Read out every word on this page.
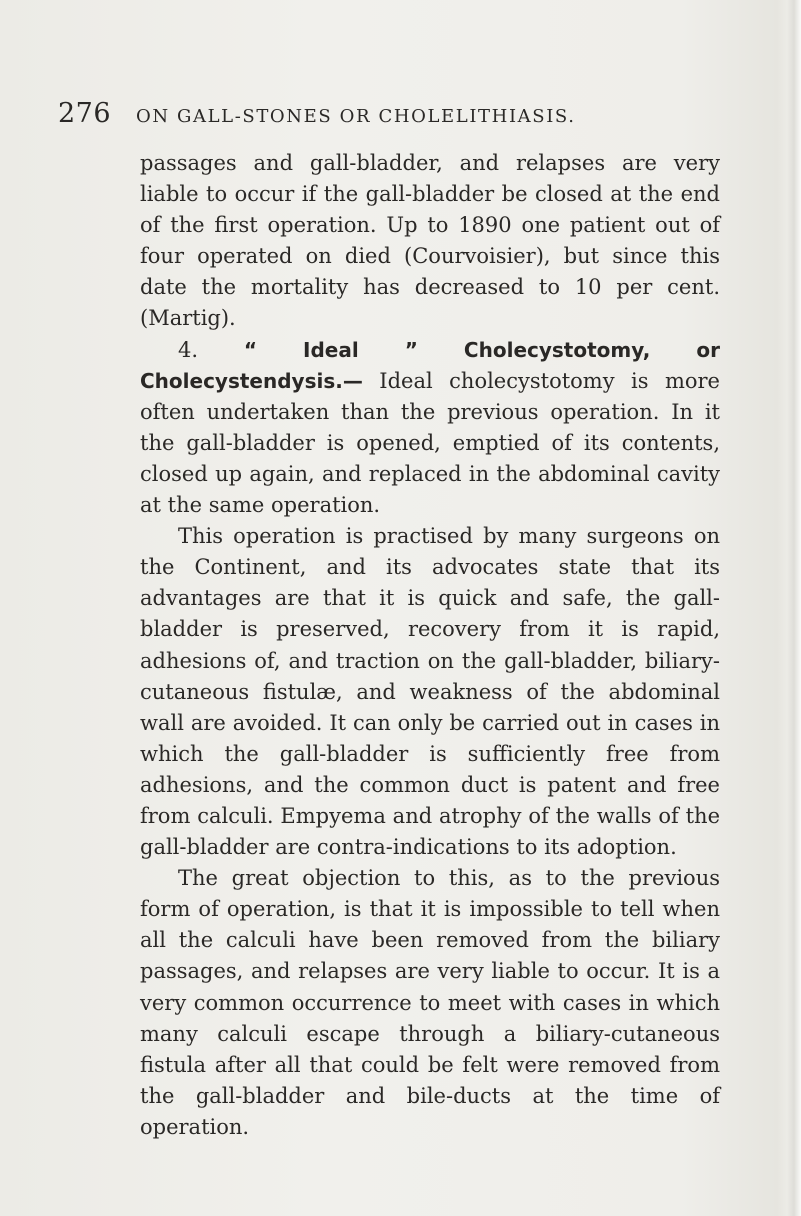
276 ON GALL-STONES OR CHOLELITHIASIS.

passages and gall-bladder, and relapses are very liable to occur if the gall-bladder be closed at the end of the first operation. Up to 1890 one patient out of four operated on died (Courvoisier), but since this date the mortality has decreased to 10 per cent. (Martig).

4. “ Ideal ” Cholecystotomy, or Cholecystendysis.— Ideal cholecystotomy is more often undertaken than the previous operation. In it the gall-bladder is opened, emptied of its contents, closed up again, and replaced in the abdominal cavity at the same operation.

This operation is practised by many surgeons on the Continent, and its advocates state that its advantages are that it is quick and safe, the gall-bladder is preserved, recovery from it is rapid, adhesions of, and traction on the gall-bladder, biliary-cutaneous fistulæ, and weakness of the abdominal wall are avoided. It can only be carried out in cases in which the gall-bladder is sufficiently free from adhesions, and the common duct is patent and free from calculi. Empyema and atrophy of the walls of the gall-bladder are contra-indications to its adoption.

The great objection to this, as to the previous form of operation, is that it is impossible to tell when all the calculi have been removed from the biliary passages, and relapses are very liable to occur. It is a very common occurrence to meet with cases in which many calculi escape through a biliary-cutaneous fistula after all that could be felt were removed from the gall-bladder and bile-ducts at the time of operation.
